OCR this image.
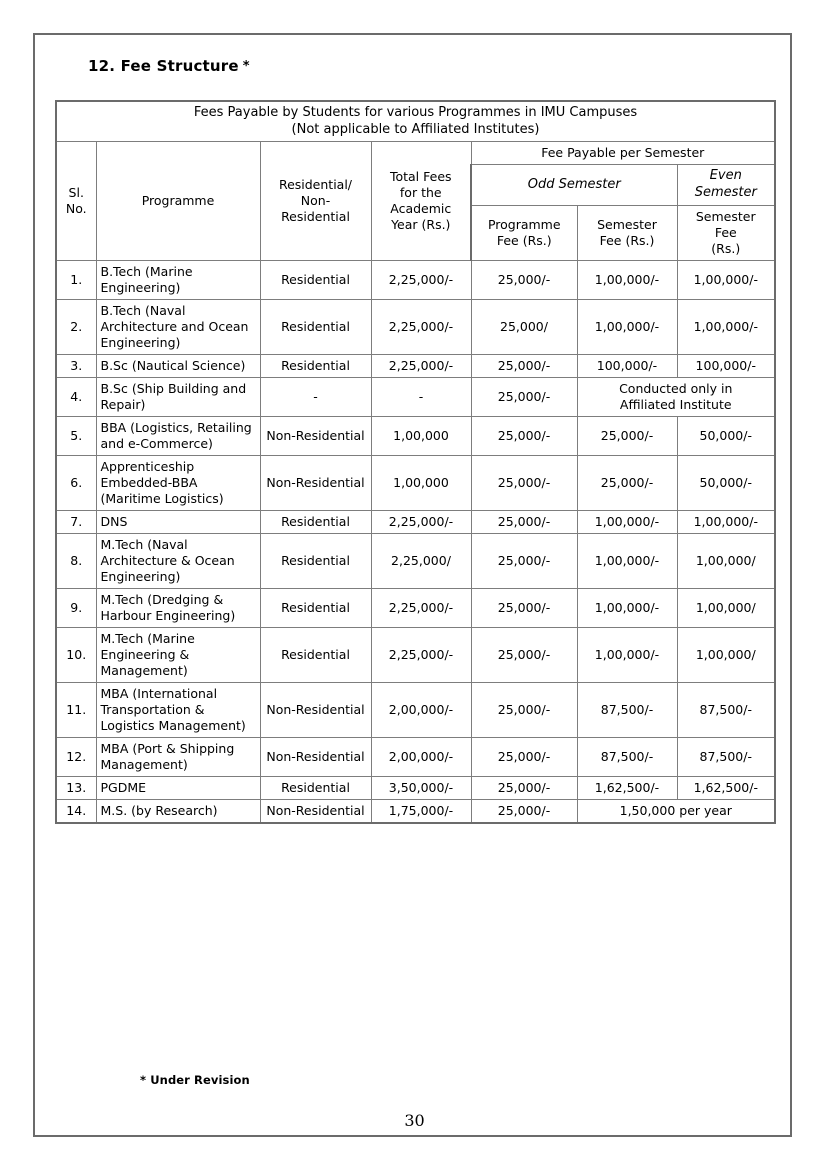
12. Fee Structure *
Fees Payable by Students for various Programmes in IMU Campuses
(Not applicable to Affiliated Institutes)						
Sl.
No.	Programme	Residential/
Non-
Residential	Total Fees
for the
Academic
Year (Rs.)	Fee Payable per Semester		
				Odd Semester		Even
Semester
				Programme
Fee (Rs.)	Semester
Fee (Rs.)	Semester
Fee
(Rs.)
1.	B.Tech (Marine Engineering)	Residential	2,25,000/-	25,000/-	1,00,000/-	1,00,000/-
2.	B.Tech (Naval Architecture and Ocean Engineering)	Residential	2,25,000/-	25,000/	1,00,000/-	1,00,000/-
3.	B.Sc (Nautical Science)	Residential	2,25,000/-	25,000/-	100,000/-	100,000/-
4.	B.Sc (Ship Building and Repair)	-	-	25,000/-	Conducted only in
Affiliated Institute	
5.	BBA (Logistics, Retailing and e-Commerce)	Non-Residential	1,00,000	25,000/-	25,000/-	50,000/-
6.	Apprenticeship Embedded-BBA (Maritime Logistics)	Non-Residential	1,00,000	25,000/-	25,000/-	50,000/-
7.	DNS	Residential	2,25,000/-	25,000/-	1,00,000/-	1,00,000/-
8.	M.Tech (Naval Architecture & Ocean Engineering)	Residential	2,25,000/	25,000/-	1,00,000/-	1,00,000/
9.	M.Tech (Dredging & Harbour Engineering)	Residential	2,25,000/-	25,000/-	1,00,000/-	1,00,000/
10.	M.Tech (Marine Engineering & Management)	Residential	2,25,000/-	25,000/-	1,00,000/-	1,00,000/
11.	MBA (International Transportation & Logistics Management)	Non-Residential	2,00,000/-	25,000/-	87,500/-	87,500/-
12.	MBA (Port & Shipping Management)	Non-Residential	2,00,000/-	25,000/-	87,500/-	87,500/-
13.	PGDME	Residential	3,50,000/-	25,000/-	1,62,500/-	1,62,500/-
14.	M.S. (by Research)	Non-Residential	1,75,000/-	25,000/-	1,50,000 per year	
* Under Revision
30
